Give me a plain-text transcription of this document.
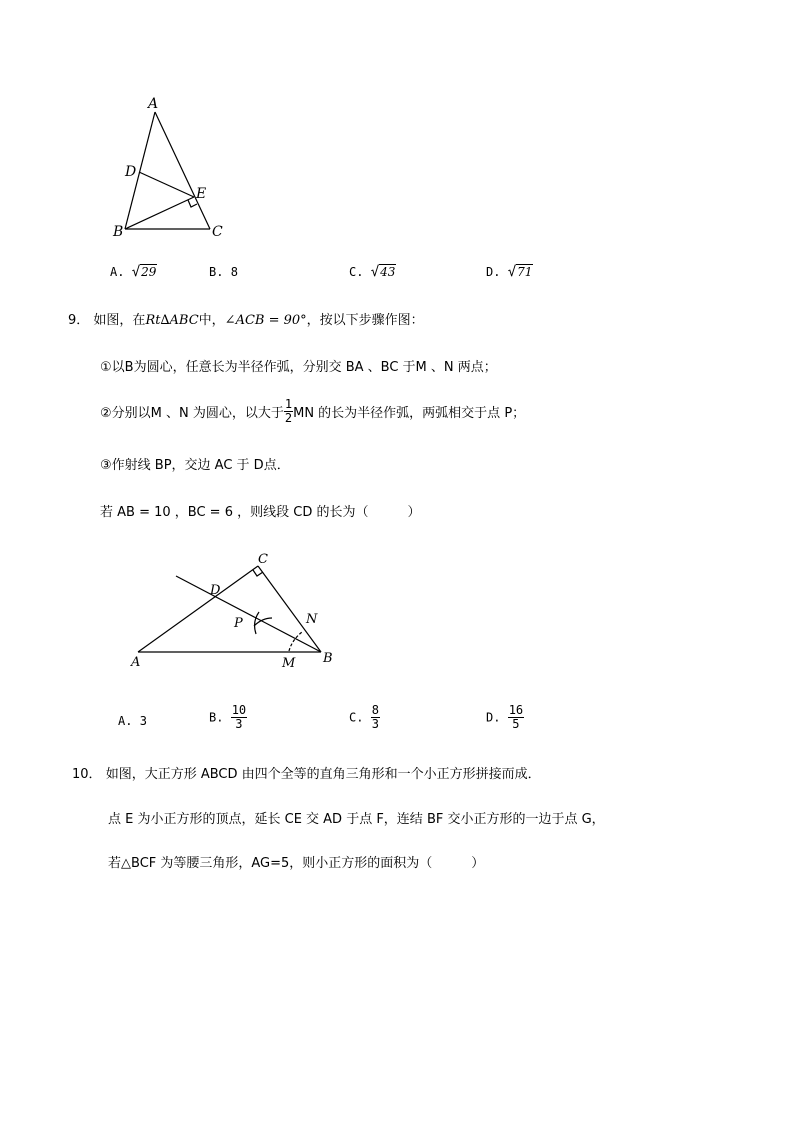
A
D
E
B	C
A. √29	B. 8	C. √43	D. √71
9． 如图，在Rt∆ABC中，∠ACB = 90°，按以下步骤作图：
①以B为圆心，任意长为半径作弧，分别交 BA 、BC 于M 、N 两点；
②分别以M 、N 为圆心，以大于 $\frac{1}{2}$ MN 的长为半径作弧，两弧相交于点 P；
③作射线 BP，交边 AC 于 D点．
若 AB = 10 ，BC = 6 ，则线段 CD 的长为（　　　）
C
D
P	N
A	M B
A. 3	B. $\frac{10}{3}$	C. $\frac{8}{3}$	D. $\frac{16}{5}$
10． 如图，大正方形 ABCD 由四个全等的直角三角形和一个小正方形拼接而成．
点 E 为小正方形的顶点，延长 CE 交 AD 于点 F，连结 BF 交小正方形的一边于点 G，
若△BCF 为等腰三角形，AG=5，则小正方形的面积为（　　　）
